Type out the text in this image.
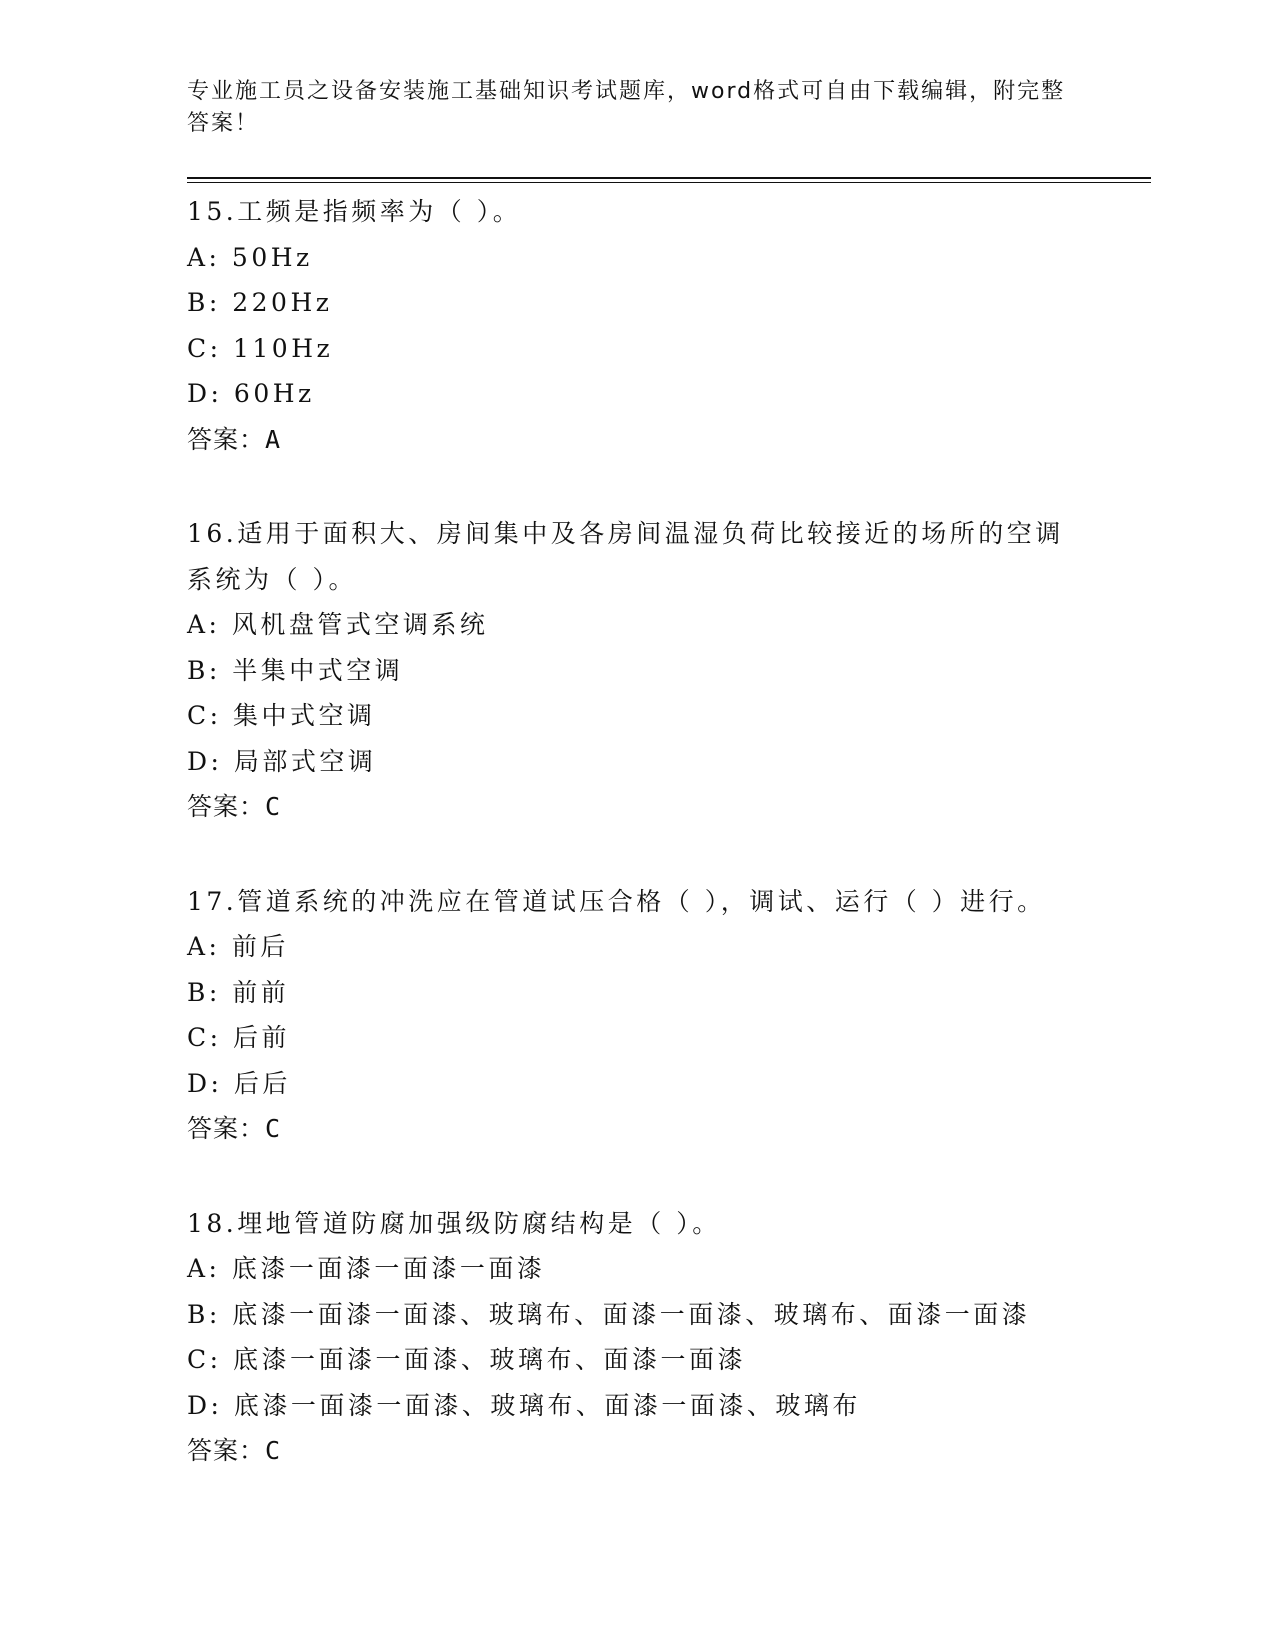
专业施工员之设备安装施工基础知识考试题库，word格式可自由下载编辑，附完整答案！
15.工频是指频率为（ ）。
A: 50Hz
B: 220Hz
C: 110Hz
D: 60Hz
答案：A
16.适用于面积大、房间集中及各房间温湿负荷比较接近的场所的空调系统为（ ）。
A: 风机盘管式空调系统
B: 半集中式空调
C: 集中式空调
D: 局部式空调
答案：C
17.管道系统的冲洗应在管道试压合格（ ），调试、运行（ ）进行。
A: 前后
B: 前前
C: 后前
D: 后后
答案：C
18.埋地管道防腐加强级防腐结构是（ ）。
A: 底漆一面漆一面漆一面漆
B: 底漆一面漆一面漆、玻璃布、面漆一面漆、玻璃布、面漆一面漆
C: 底漆一面漆一面漆、玻璃布、面漆一面漆
D: 底漆一面漆一面漆、玻璃布、面漆一面漆、玻璃布
答案：C
